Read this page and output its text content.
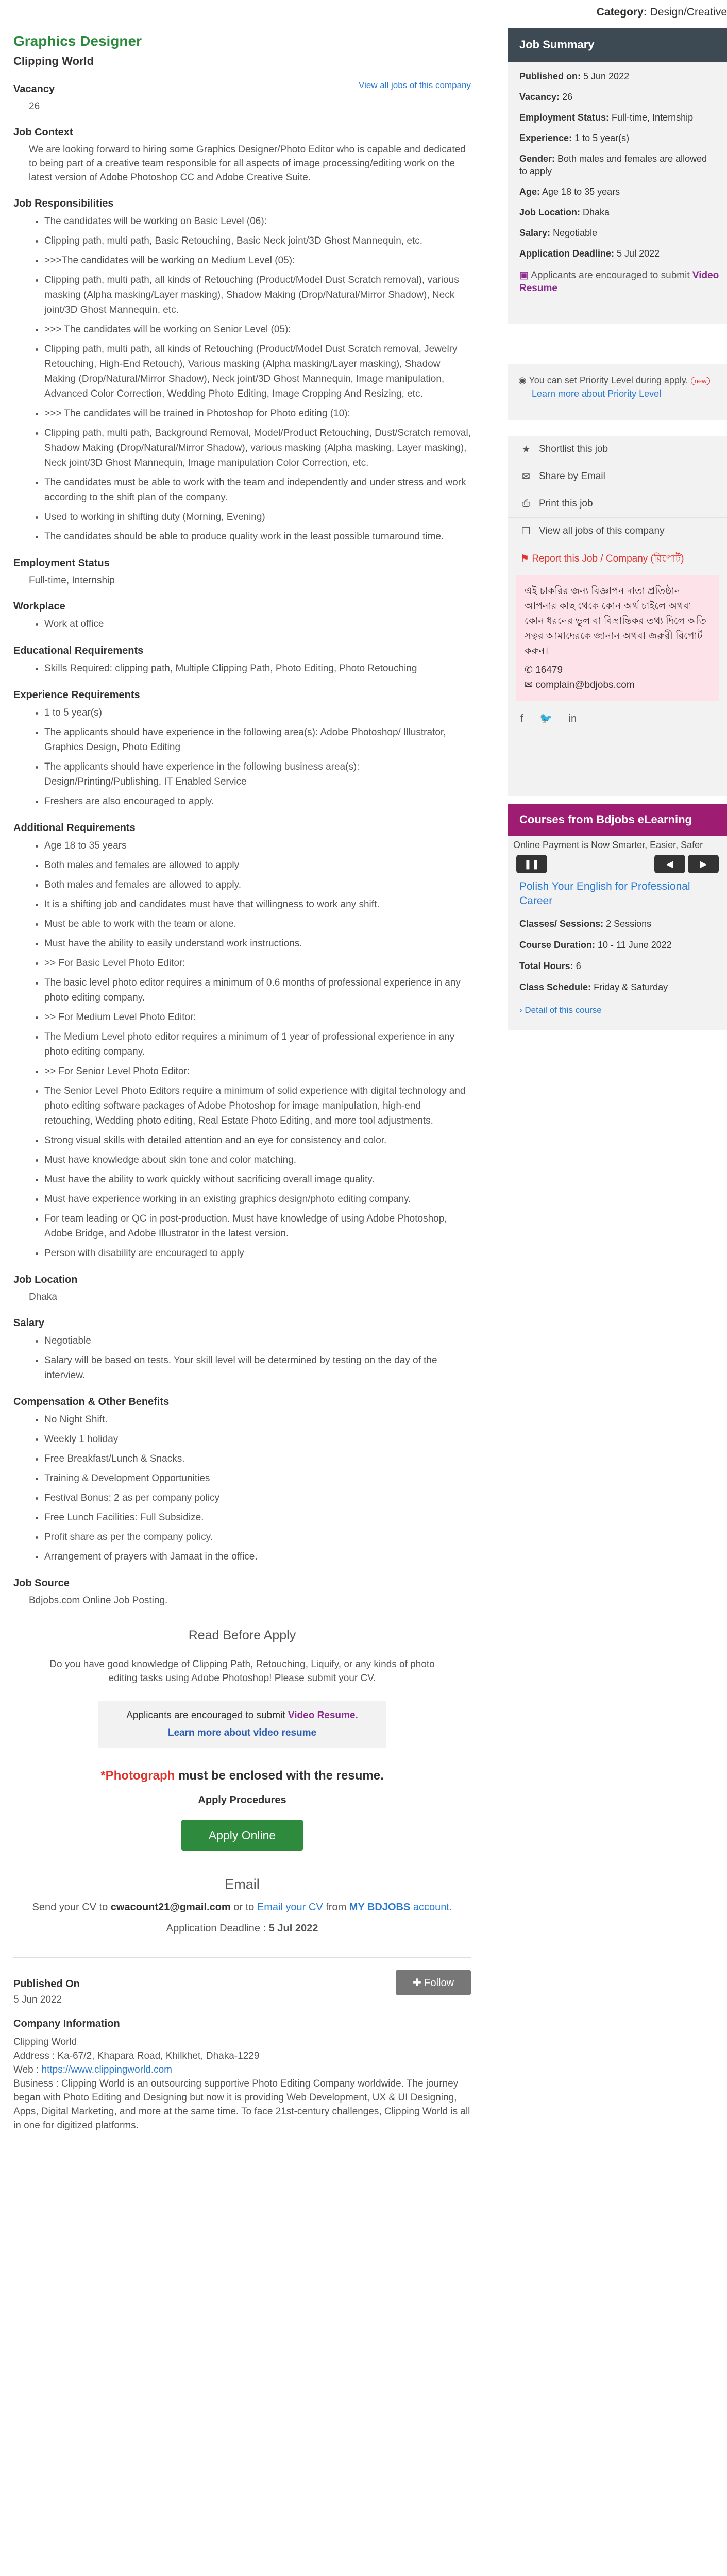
Category: Design/Creative
Graphics Designer
Clipping World
View all jobs of this company
Vacancy
26
Job Context
We are looking forward to hiring some Graphics Designer/Photo Editor who is capable and dedicated to being part of a creative team responsible for all aspects of image processing/editing work on the latest version of Adobe Photoshop CC and Adobe Creative Suite.
Job Responsibilities
• The candidates will be working on Basic Level (06):
• Clipping path, multi path, Basic Retouching, Basic Neck joint/3D Ghost Mannequin, etc.
• >>>The candidates will be working on Medium Level (05):
• Clipping path, multi path, all kinds of Retouching (Product/Model Dust Scratch removal), various masking (Alpha masking/Layer masking), Shadow Making (Drop/Natural/Mirror Shadow), Neck joint/3D Ghost Mannequin, etc.
• >>> The candidates will be working on Senior Level (05):
• Clipping path, multi path, all kinds of Retouching (Product/Model Dust Scratch removal, Jewelry Retouching, High-End Retouch), Various masking (Alpha masking/Layer masking), Shadow Making (Drop/Natural/Mirror Shadow), Neck joint/3D Ghost Mannequin, Image manipulation, Advanced Color Correction, Wedding Photo Editing, Image Cropping And Resizing, etc.
• >>> The candidates will be trained in Photoshop for Photo editing (10):
• Clipping path, multi path, Background Removal, Model/Product Retouching, Dust/Scratch removal, Shadow Making (Drop/Natural/Mirror Shadow), various masking (Alpha masking, Layer masking), Neck joint/3D Ghost Mannequin, Image manipulation Color Correction, etc.
• The candidates must be able to work with the team and independently and under stress and work according to the shift plan of the company.
• Used to working in shifting duty (Morning, Evening)
• The candidates should be able to produce quality work in the least possible turnaround time.
Employment Status
Full-time, Internship
Workplace
• Work at office
Educational Requirements
• Skills Required: clipping path, Multiple Clipping Path, Photo Editing, Photo Retouching
Experience Requirements
• 1 to 5 year(s)
• The applicants should have experience in the following area(s): Adobe Photoshop/ Illustrator, Graphics Design, Photo Editing
• The applicants should have experience in the following business area(s): Design/Printing/Publishing, IT Enabled Service
• Freshers are also encouraged to apply.
Additional Requirements
• Age 18 to 35 years
• Both males and females are allowed to apply
• Both males and females are allowed to apply.
• It is a shifting job and candidates must have that willingness to work any shift.
• Must be able to work with the team or alone.
• Must have the ability to easily understand work instructions.
• >> For Basic Level Photo Editor:
• The basic level photo editor requires a minimum of 0.6 months of professional experience in any photo editing company.
• >> For Medium Level Photo Editor:
• The Medium Level photo editor requires a minimum of 1 year of professional experience in any photo editing company.
• >> For Senior Level Photo Editor:
• The Senior Level Photo Editors require a minimum of solid experience with digital technology and photo editing software packages of Adobe Photoshop for image manipulation, high-end retouching, Wedding photo editing, Real Estate Photo Editing, and more tool adjustments.
• Strong visual skills with detailed attention and an eye for consistency and color.
• Must have knowledge about skin tone and color matching.
• Must have the ability to work quickly without sacrificing overall image quality.
• Must have experience working in an existing graphics design/photo editing company.
• For team leading or QC in post-production. Must have knowledge of using Adobe Photoshop, Adobe Bridge, and Adobe Illustrator in the latest version.
• Person with disability are encouraged to apply
Job Location
Dhaka
Salary
• Negotiable
• Salary will be based on tests. Your skill level will be determined by testing on the day of the interview.
Compensation & Other Benefits
• No Night Shift.
• Weekly 1 holiday
• Free Breakfast/Lunch & Snacks.
• Training & Development Opportunities
• Festival Bonus: 2 as per company policy
• Free Lunch Facilities: Full Subsidize.
• Profit share as per the company policy.
• Arrangement of prayers with Jamaat in the office.
Job Source
Bdjobs.com Online Job Posting.
Read Before Apply
Do you have good knowledge of Clipping Path, Retouching, Liquify, or any kinds of photo editing tasks using Adobe Photoshop! Please submit your CV.
Applicants are encouraged to submit Video Resume.
Learn more about video resume
*Photograph must be enclosed with the resume.
Apply Procedures
Apply Online
Email
Send your CV to cwacount21@gmail.com or to Email your CV from MY BDJOBS account.
Application Deadline : 5 Jul 2022
✚ Follow
Published On
5 Jun 2022
Company Information
Clipping World
Address : Ka-67/2, Khapara Road, Khilkhet, Dhaka-1229
Web : https://www.clippingworld.com
Business : Clipping World is an outsourcing supportive Photo Editing Company worldwide. The journey began with Photo Editing and Designing but now it is providing Web Development, UX & UI Designing, Apps, Digital Marketing, and more at the same time. To face 21st-century challenges, Clipping World is all in one for digitized platforms.
Job Summary
Published on: 5 Jun 2022
Vacancy: 26
Employment Status: Full-time, Internship
Experience: 1 to 5 year(s)
Gender: Both males and females are allowed to apply
Age: Age 18 to 35 years
Job Location: Dhaka
Salary: Negotiable
Application Deadline: 5 Jul 2022
▣ Applicants are encouraged to submit Video Resume
◉ You can set Priority Level during apply. new
Learn more about Priority Level
★ Shortlist this job
✉ Share by Email
⎙ Print this job
❐ View all jobs of this company
⚑ Report this Job / Company (রিপোর্ট)
এই চাকরির জন্য বিজ্ঞাপন দাতা প্রতিষ্ঠান আপনার কাছ থেকে কোন অর্থ চাইলে অথবা কোন ধরনের ভুল বা বিভ্রান্তিকর তথ্য দিলে অতি সত্বর আমাদেরকে জানান অথবা জরুরী রিপোর্ট করুন।
✆ 16479
✉ complain@bdjobs.com
f 🐦 in
Courses from Bdjobs eLearning
Online Payment is Now Smarter, Easier, Safer
❚❚	◀	▶
Polish Your English for Professional Career
Classes/ Sessions: 2 Sessions
Course Duration: 10 - 11 June 2022
Total Hours: 6
Class Schedule: Friday & Saturday
› Detail of this course
